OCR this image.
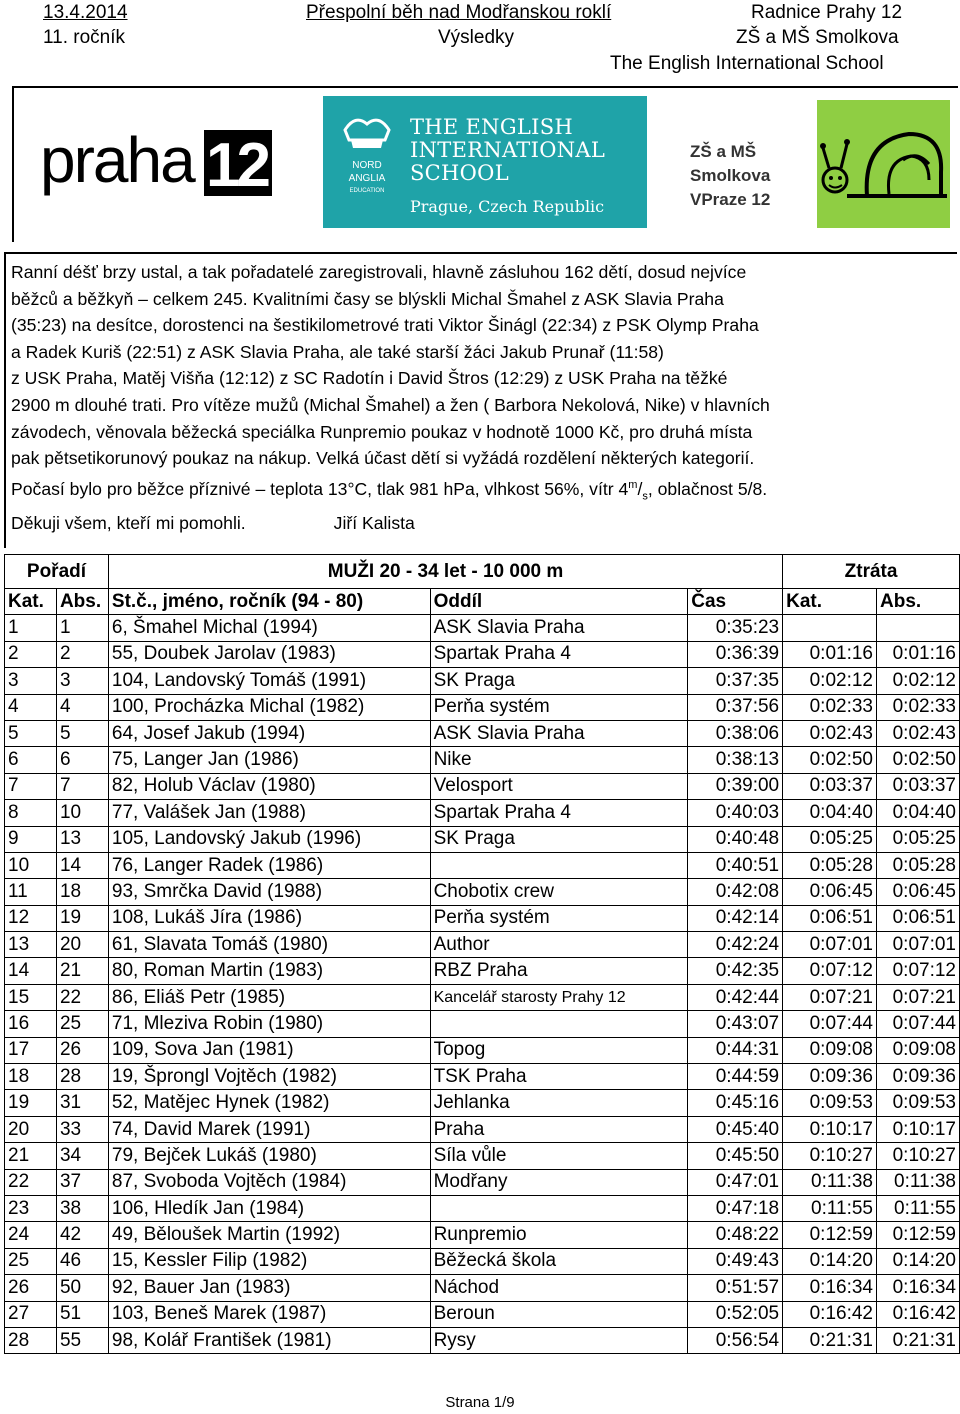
13.4.2014	Přespolní běh nad Modřanskou roklí	Radnice Prahy 12
11. ročník	Výsledky	ZŠ a MŠ Smolkova
The English International School
praha 12	NORD
ANGLIA
EDUCATION
THE ENGLISH
INTERNATIONAL
SCHOOL
Prague, Czech Republic
ZŠ a MŠ
Smolkova
VPraze 12

Ranní déšť brzy ustal, a tak pořadatelé zaregistrovali, hlavně zásluhou 162 dětí, dosud nejvíce

běžců a běžkyň – celkem 245. Kvalitními časy se blýskli Michal Šmahel z ASK Slavia Praha

(35:23) na desítce, dorostenci na šestikilometrové trati Viktor Šinágl (22:34) z PSK Olymp Praha

a Radek Kuriš (22:51) z ASK Slavia Praha, ale také starší žáci Jakub Prunař (11:58)

z USK Praha, Matěj Višňa (12:12) z SC Radotín i David Štros (12:29) z USK Praha na těžké

2900 m dlouhé trati. Pro vítěze mužů (Michal Šmahel) a žen ( Barbora Nekolová, Nike) v hlavních

závodech, věnovala běžecká speciálka Runpremio poukaz v hodnotě 1000 Kč, pro druhá místa

pak pětsetikorunový poukaz na nákup. Velká účast dětí si vyžádá rozdělení některých kategorií.

Počasí bylo pro běžce příznivé – teplota 13°C, tlak 981 hPa, vlhkost 56%, vítr $4^m/_s$, oblačnost 5/8.

Děkuji všem, kteří mi pomohli.	Jiří Kalista

Pořadí		MUŽI 20 - 34 let - 10 000 m			Ztráta	
Kat.	Abs.	St.č., jméno, ročník (94 - 80)	Oddíl	Čas	Kat.	Abs.
1	1	6, Šmahel Michal (1994)	ASK Slavia Praha	0:35:23		
2	2	55, Doubek Jarolav (1983)	Spartak Praha 4	0:36:39	0:01:16	0:01:16
3	3	104, Landovský Tomáš (1991)	SK Praga	0:37:35	0:02:12	0:02:12
4	4	100, Procházka Michal (1982)	Perňa systém	0:37:56	0:02:33	0:02:33
5	5	64, Josef Jakub (1994)	ASK Slavia Praha	0:38:06	0:02:43	0:02:43
6	6	75, Langer Jan (1986)	Nike	0:38:13	0:02:50	0:02:50
7	7	82, Holub Václav (1980)	Velosport	0:39:00	0:03:37	0:03:37
8	10	77, Valášek Jan (1988)	Spartak Praha 4	0:40:03	0:04:40	0:04:40
9	13	105, Landovský Jakub (1996)	SK Praga	0:40:48	0:05:25	0:05:25
10	14	76, Langer Radek (1986)		0:40:51	0:05:28	0:05:28
11	18	93, Smrčka David (1988)	Chobotix crew	0:42:08	0:06:45	0:06:45
12	19	108, Lukáš Jíra (1986)	Perňa systém	0:42:14	0:06:51	0:06:51
13	20	61, Slavata Tomáš (1980)	Author	0:42:24	0:07:01	0:07:01
14	21	80, Roman Martin (1983)	RBZ Praha	0:42:35	0:07:12	0:07:12
15	22	86, Eliáš Petr (1985)	Kancelář starosty Prahy 12	0:42:44	0:07:21	0:07:21
16	25	71, Mleziva Robin (1980)		0:43:07	0:07:44	0:07:44
17	26	109, Sova Jan (1981)	Topog	0:44:31	0:09:08	0:09:08
18	28	19, Šprongl Vojtěch (1982)	TSK Praha	0:44:59	0:09:36	0:09:36
19	31	52, Matějec Hynek (1982)	Jehlanka	0:45:16	0:09:53	0:09:53
20	33	74, David Marek (1991)	Praha	0:45:40	0:10:17	0:10:17
21	34	79, Bejček Lukáš (1980)	Síla vůle	0:45:50	0:10:27	0:10:27
22	37	87, Svoboda Vojtěch (1984)	Modřany	0:47:01	0:11:38	0:11:38
23	38	106, Hledík Jan (1984)		0:47:18	0:11:55	0:11:55
24	42	49, Běloušek Martin (1992)	Runpremio	0:48:22	0:12:59	0:12:59
25	46	15, Kessler Filip (1982)	Běžecká škola	0:49:43	0:14:20	0:14:20
26	50	92, Bauer Jan (1983)	Náchod	0:51:57	0:16:34	0:16:34
27	51	103, Beneš Marek (1987)	Beroun	0:52:05	0:16:42	0:16:42
28	55	98, Kolář František (1981)	Rysy	0:56:54	0:21:31	0:21:31
Strana 1/9
